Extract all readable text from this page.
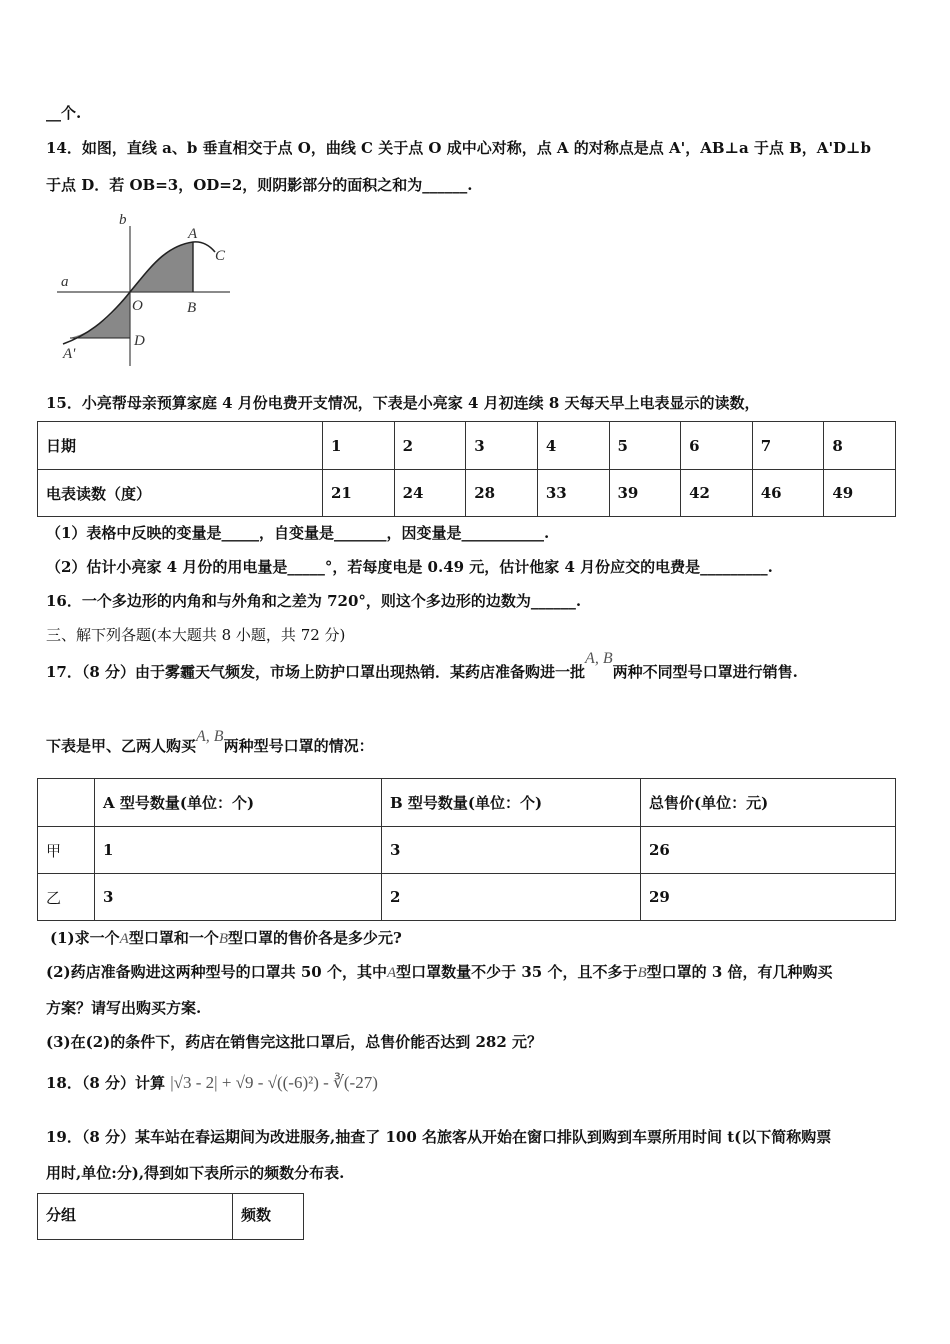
__个.
14．如图，直线 a、b 垂直相交于点 O，曲线 C 关于点 O 成中心对称，点 A 的对称点是点 A'，AB⊥a 于点 B，A'D⊥b
于点 D．若 OB=3，OD=2，则阴影部分的面积之和为______.
b
a
A
C
O	B
D
A'
15．小亮帮母亲预算家庭 4 月份电费开支情况，下表是小亮家 4 月初连续 8 天每天早上电表显示的读数，
日期	1	2	3	4	5	6	7	8
电表读数（度）	21	24	28	33	39	42	46	49
（1）表格中反映的变量是_____，自变量是_______，因变量是___________.
（2）估计小亮家 4 月份的用电量是_____°，若每度电是 0.49 元，估计他家 4 月份应交的电费是_________.
16．一个多边形的内角和与外角和之差为 720°，则这个多边形的边数为______.
三、解下列各题(本大题共 8 小题，共 72 分)
17．（8 分）由于雾霾天气频发，市场上防护口罩出现热销．某药店准备购进一批A, B两种不同型号口罩进行销售.
下表是甲、乙两人购买A, B两种型号口罩的情况：
	A 型号数量(单位：个)	B 型号数量(单位：个)	总售价(单位：元)
甲	1	3	26
乙	3	2	29
(1)求一个A型口罩和一个B型口罩的售价各是多少元?
(2)药店准备购进这两种型号的口罩共 50 个，其中A型口罩数量不少于 35 个，且不多于B型口罩的 3 倍，有几种购买
方案？请写出购买方案.
(3)在(2)的条件下，药店在销售完这批口罩后，总售价能否达到 282 元？
18．（8 分）计算 |√3 - 2| + √9 - √((-6)²) - ∛(-27)
19．（8 分）某车站在春运期间为改进服务,抽查了 100 名旅客从开始在窗口排队到购到车票所用时间 t(以下简称购票
用时,单位:分),得到如下表所示的频数分布表.
分组	频数
